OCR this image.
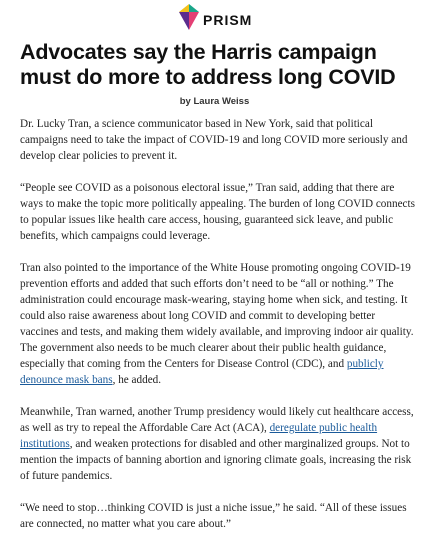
PRISM
Advocates say the Harris campaign must do more to address long COVID
by Laura Weiss

Dr. Lucky Tran, a science communicator based in New York, said that political campaigns need to take the impact of COVID-19 and long COVID more seriously and develop clear policies to prevent it.

“People see COVID as a poisonous electoral issue,” Tran said, adding that there are ways to make the topic more politically appealing. The burden of long COVID connects to popular issues like health care access, housing, guaranteed sick leave, and public benefits, which campaigns could leverage.

Tran also pointed to the importance of the White House promoting ongoing COVID-19 prevention efforts and added that such efforts don’t need to be “all or nothing.” The administration could encourage mask-wearing, staying home when sick, and testing. It could also raise awareness about long COVID and commit to developing better vaccines and tests, and making them widely available, and improving indoor air quality. The government also needs to be much clearer about their public health guidance, especially that coming from the Centers for Disease Control (CDC), and publicly denounce mask bans, he added.

Meanwhile, Tran warned, another Trump presidency would likely cut healthcare access, as well as try to repeal the Affordable Care Act (ACA), deregulate public health institutions, and weaken protections for disabled and other marginalized groups. Not to mention the impacts of banning abortion and ignoring climate goals, increasing the risk of future pandemics.

“We need to stop…thinking COVID is just a niche issue,” he said. “All of these issues are connected, no matter what you care about.”
